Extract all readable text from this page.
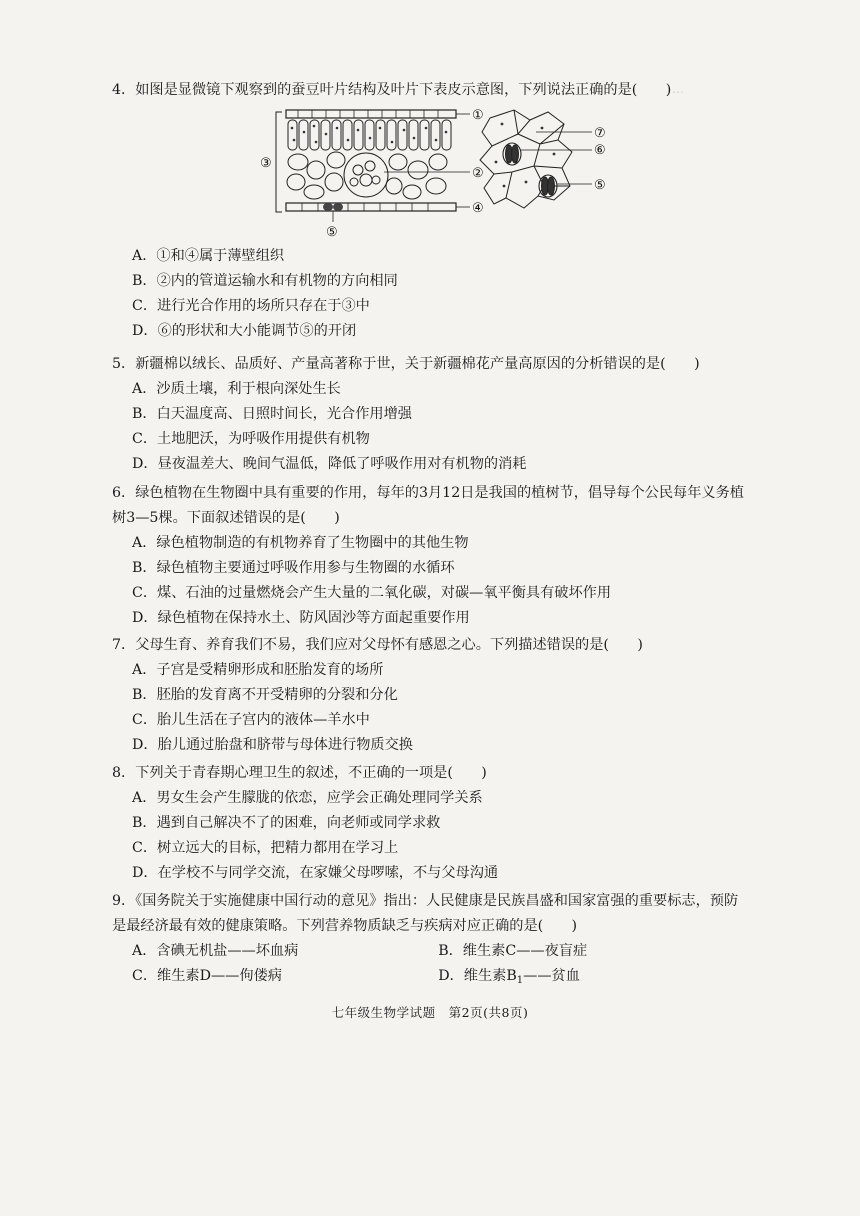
…

4．如图是显微镜下观察到的蚕豆叶片结构及叶片下表皮示意图，下列说法正确的是(　　)

①
②
③
④
⑤
⑥
⑦
⑤

A．①和④属于薄壁组织

B．②内的管道运输水和有机物的方向相同

C．进行光合作用的场所只存在于③中

D．⑥的形状和大小能调节⑤的开闭

5．新疆棉以绒长、品质好、产量高著称于世，关于新疆棉花产量高原因的分析错误的是(　　)

A．沙质土壤，利于根向深处生长

B．白天温度高、日照时间长，光合作用增强

C．土地肥沃，为呼吸作用提供有机物

D．昼夜温差大、晚间气温低，降低了呼吸作用对有机物的消耗

6．绿色植物在生物圈中具有重要的作用，每年的3月12日是我国的植树节，倡导每个公民每年义务植树3—5棵。下面叙述错误的是(　　)

A．绿色植物制造的有机物养育了生物圈中的其他生物

B．绿色植物主要通过呼吸作用参与生物圈的水循环

C．煤、石油的过量燃烧会产生大量的二氧化碳，对碳—氧平衡具有破坏作用

D．绿色植物在保持水土、防风固沙等方面起重要作用

7．父母生育、养育我们不易，我们应对父母怀有感恩之心。下列描述错误的是(　　)

A．子宫是受精卵形成和胚胎发育的场所

B．胚胎的发育离不开受精卵的分裂和分化

C．胎儿生活在子宫内的液体—羊水中

D．胎儿通过胎盘和脐带与母体进行物质交换

8．下列关于青春期心理卫生的叙述，不正确的一项是(　　)

A．男女生会产生朦胧的依恋，应学会正确处理同学关系

B．遇到自己解决不了的困难，向老师或同学求救

C．树立远大的目标，把精力都用在学习上

D．在学校不与同学交流，在家嫌父母啰嗦，不与父母沟通

9．《国务院关于实施健康中国行动的意见》指出：人民健康是民族昌盛和国家富强的重要标志，预防是最经济最有效的健康策略。下列营养物质缺乏与疾病对应正确的是(　　)

A．含碘无机盐——坏血病	B．维生素C——夜盲症

C．维生素D——佝偻病	D．维生素$B_1——$贫血

七年级生物学试题　第2页(共8页)
